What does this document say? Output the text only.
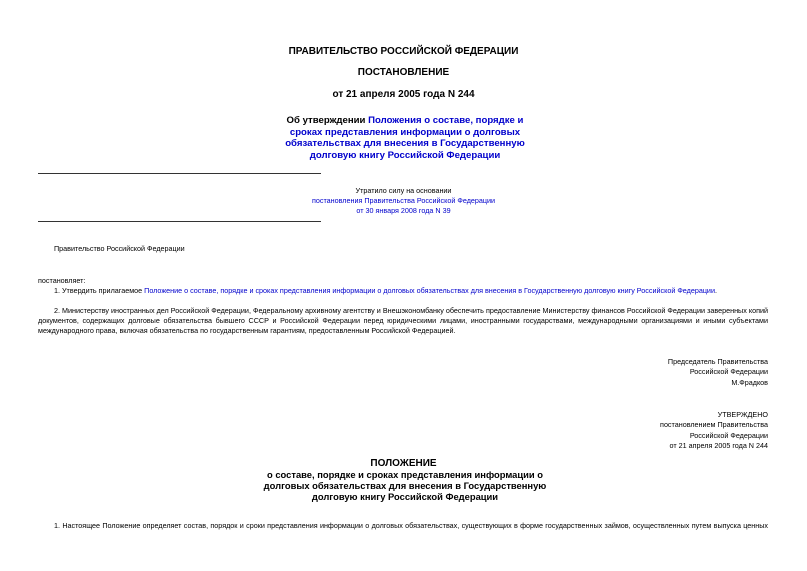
ПРАВИТЕЛЬСТВО РОССИЙСКОЙ ФЕДЕРАЦИИ
ПОСТАНОВЛЕНИЕ
от 21 апреля 2005 года N 244
Об утверждении Положения о составе, порядке и сроках представления информации о долговых обязательствах для внесения в Государственную долговую книгу Российской Федерации
Утратило силу на основании
постановления Правительства Российской Федерации
от 30 января 2008 года N 39
Правительство Российской Федерации
постановляет:
1. Утвердить прилагаемое Положение о составе, порядке и сроках представления информации о долговых обязательствах для внесения в Государственную долговую книгу Российской Федерации.
2. Министерству иностранных дел Российской Федерации, Федеральному архивному агентству и Внешэкономбанку обеспечить предоставление Министерству финансов Российской Федерации заверенных копий документов, содержащих долговые обязательства бывшего СССР и Российской Федерации перед юридическими лицами, иностранными государствами, международными организациями и иными субъектами международного права, включая обязательства по государственным гарантиям, предоставленным Российской Федерацией.
Председатель Правительства
Российской Федерации
М.Фрадков
УТВЕРЖДЕНО
постановлением Правительства
Российской Федерации
от 21 апреля 2005 года N 244
ПОЛОЖЕНИЕ
о составе, порядке и сроках представления информации о долговых обязательствах для внесения в Государственную долговую книгу Российской Федерации
1. Настоящее Положение определяет состав, порядок и сроки представления информации о долговых обязательствах, существующих в форме государственных займов, осуществленных путем выпуска ценных
